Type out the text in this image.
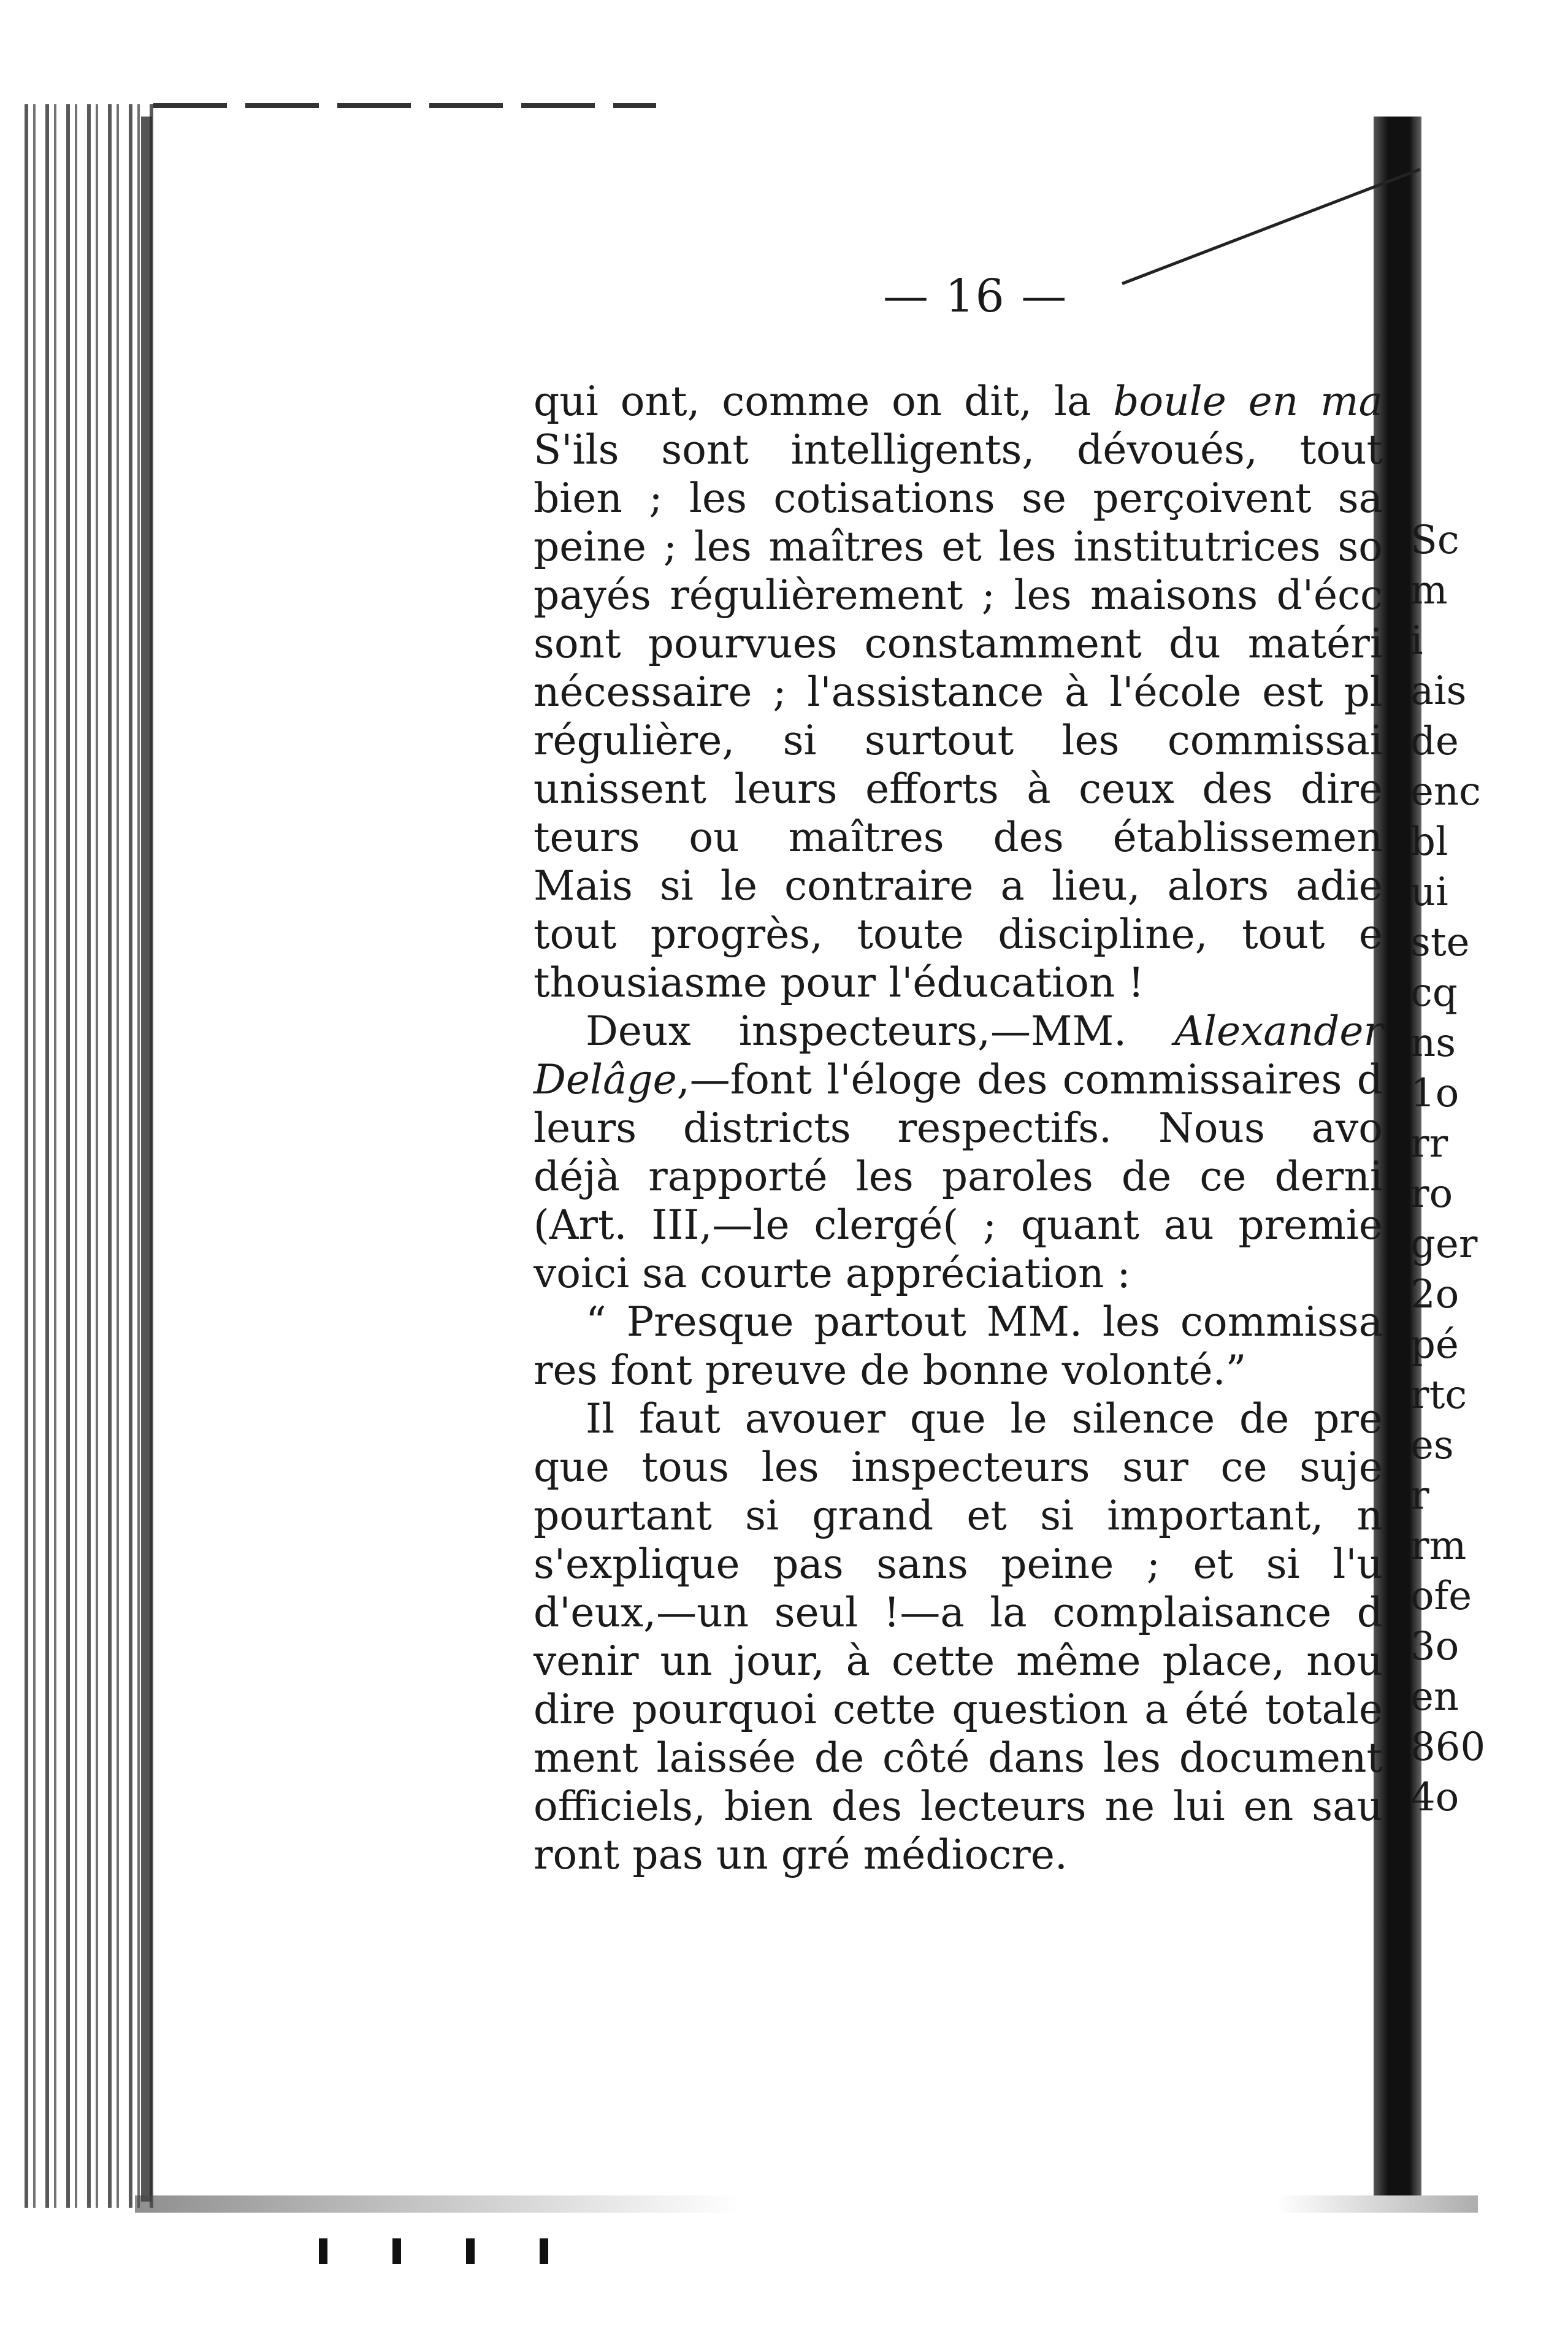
— 16 —
qui ont, comme on dit, la boule en ma
S'ils sont intelligents, dévoués, tout
bien ; les cotisations se perçoivent sa
peine ; les maîtres et les institutrices so
payés régulièrement ; les maisons d'écc
sont pourvues constamment du matéri
nécessaire ; l'assistance à l'école est pl
régulière, si surtout les commissai
unissent leurs efforts à ceux des dire
teurs ou maîtres des établissemen
Mais si le contraire a lieu, alors adie
tout progrès, toute discipline, tout e
thousiasme pour l'éducation !
Deux inspecteurs,—MM. Alexander
Delâge,—font l'éloge des commissaires d
leurs districts respectifs. Nous avo
déjà rapporté les paroles de ce derni
(Art. III,—le clergé( ; quant au premie
voici sa courte appréciation :
“ Presque partout MM. les commissa
res font preuve de bonne volonté.”
Il faut avouer que le silence de pre
que tous les inspecteurs sur ce suje
pourtant si grand et si important, n
s'explique pas sans peine ; et si l'u
d'eux,—un seul !—a la complaisance d
venir un jour, à cette même place, nou
dire pourquoi cette question a été totale
ment laissée de côté dans les document
officiels, bien des lecteurs ne lui en sau
ront pas un gré médiocre.
Sc
m
i
ais
de
enc
bl
ui
ste
cq
ns
1o
rr
ro
ger
2o
pé
rtc
es
r
rm
ofe
3o
en
860
4o
